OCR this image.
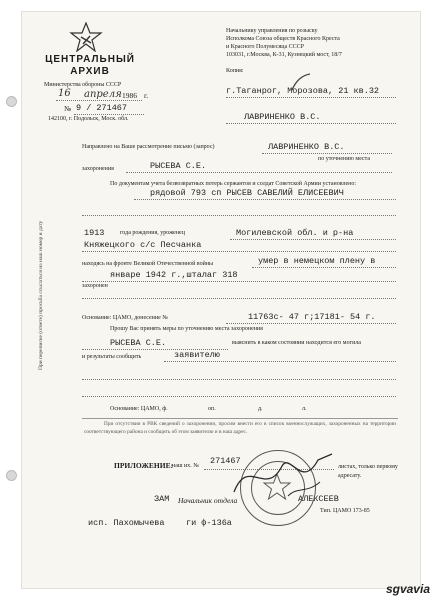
ЦЕНТРАЛЬНЫЙ АРХИВ
Министерства обороны СССР
16 апреля 1986 г.
№ 9 / 271467
142100, г. Подольск, Моск. обл.
Начальнику управления по розыску
Исполкома Союза обществ Красного Креста
и Красного Полумесяца СССР
103031, г.Москва, К-31, Кузнецкий мост, 18/7
Копия:
г.Таганрог, Морозова, 21 кв.32
ЛАВРИНЕНКО В.С.
При переписке (ответе) просьба ссылаться на наш номер и дату
Направлено на Ваше рассмотрение письмо (запрос)	ЛАВРИНЕНКО В.С.
по уточнению места
захоронения	РЫСЕВА С.Е.
По документам учета безвозвратных потерь сержантов и солдат Советской Армии установлено:
рядовой 793 сп РЫСЕВ САВЕЛИЙ ЕЛИСЕЕВИЧ
1913	года рождения, уроженец	Могилевской обл. и р-на
Княжецкого с/с Песчанка
находясь на фронте Великой Отечественной войны	умер в немецком плену в
январе 1942 г.,шталаг 318
захоронен
Основание: ЦАМО, донесение №	11763с- 47 г;17181- 54 г.
Прошу Вас принять меры по уточнению места захоронения
РЫСЕВА С.Е.	выяснить в каком состоянии находится его могила
и результаты сообщить	заявителю
Основание: ЦАМО, ф.	оп.	д.	л.
При отсутствии в РВК сведений о захоронении, просим внести его в список военнослужащих, захороненных на территории соответствующего района и сообщить об этом заявителю и в наш адрес.
ПРИЛОЖЕНИЕ:
наш их. № 271467
листах, только первому адресату.
ЗАМ Начальник отдела	АЛЕКСЕЕВ
исп. Пахомычева	ги ф-136а
Тип. ЦАМО 173-85
sgvavia
